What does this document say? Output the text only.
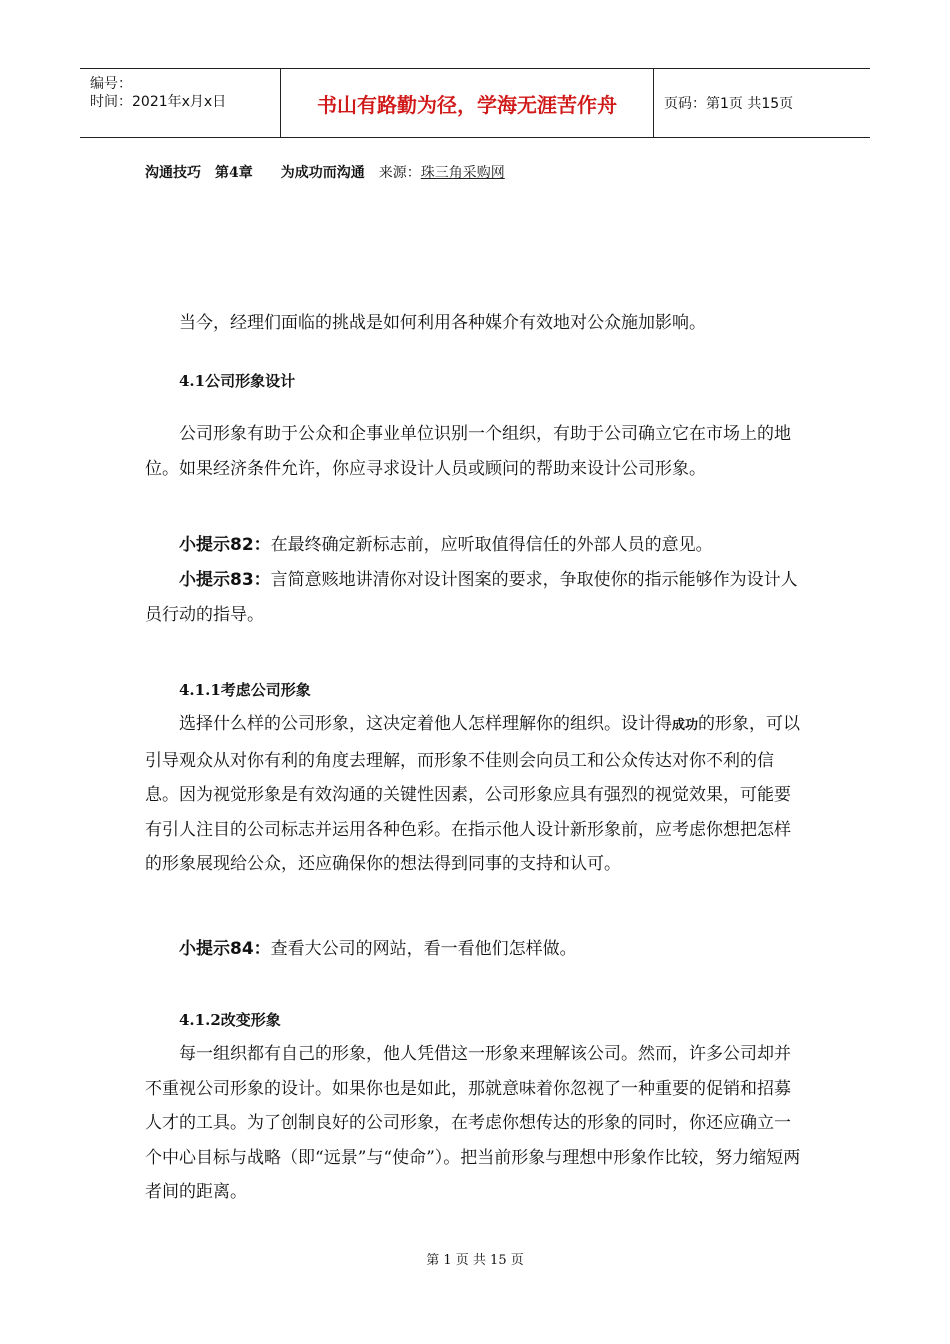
编号：
时间：2021年x月x日	书山有路勤为径，学海无涯苦作舟	页码：第1页 共15页
沟通技巧 第4章 为成功而沟通 来源：珠三角采购网
当今，经理们面临的挑战是如何利用各种媒介有效地对公众施加影响。
4.1公司形象设计
公司形象有助于公众和企事业单位识别一个组织，有助于公司确立它在市场上的地位。如果经济条件允许，你应寻求设计人员或顾问的帮助来设计公司形象。
小提示82：在最终确定新标志前，应听取值得信任的外部人员的意见。
小提示83：言简意赅地讲清你对设计图案的要求，争取使你的指示能够作为设计人员行动的指导。
4.1.1考虑公司形象
选择什么样的公司形象，这决定着他人怎样理解你的组织。设计得成功的形象，可以引导观众从对你有利的角度去理解，而形象不佳则会向员工和公众传达对你不利的信息。因为视觉形象是有效沟通的关键性因素，公司形象应具有强烈的视觉效果，可能要有引人注目的公司标志并运用各种色彩。在指示他人设计新形象前，应考虑你想把怎样的形象展现给公众，还应确保你的想法得到同事的支持和认可。
小提示84：查看大公司的网站，看一看他们怎样做。
4.1.2改变形象
每一组织都有自己的形象，他人凭借这一形象来理解该公司。然而，许多公司却并不重视公司形象的设计。如果你也是如此，那就意味着你忽视了一种重要的促销和招募人才的工具。为了创制良好的公司形象，在考虑你想传达的形象的同时，你还应确立一个中心目标与战略（即“远景”与“使命”）。把当前形象与理想中形象作比较，努力缩短两者间的距离。
第 1 页 共 15 页
